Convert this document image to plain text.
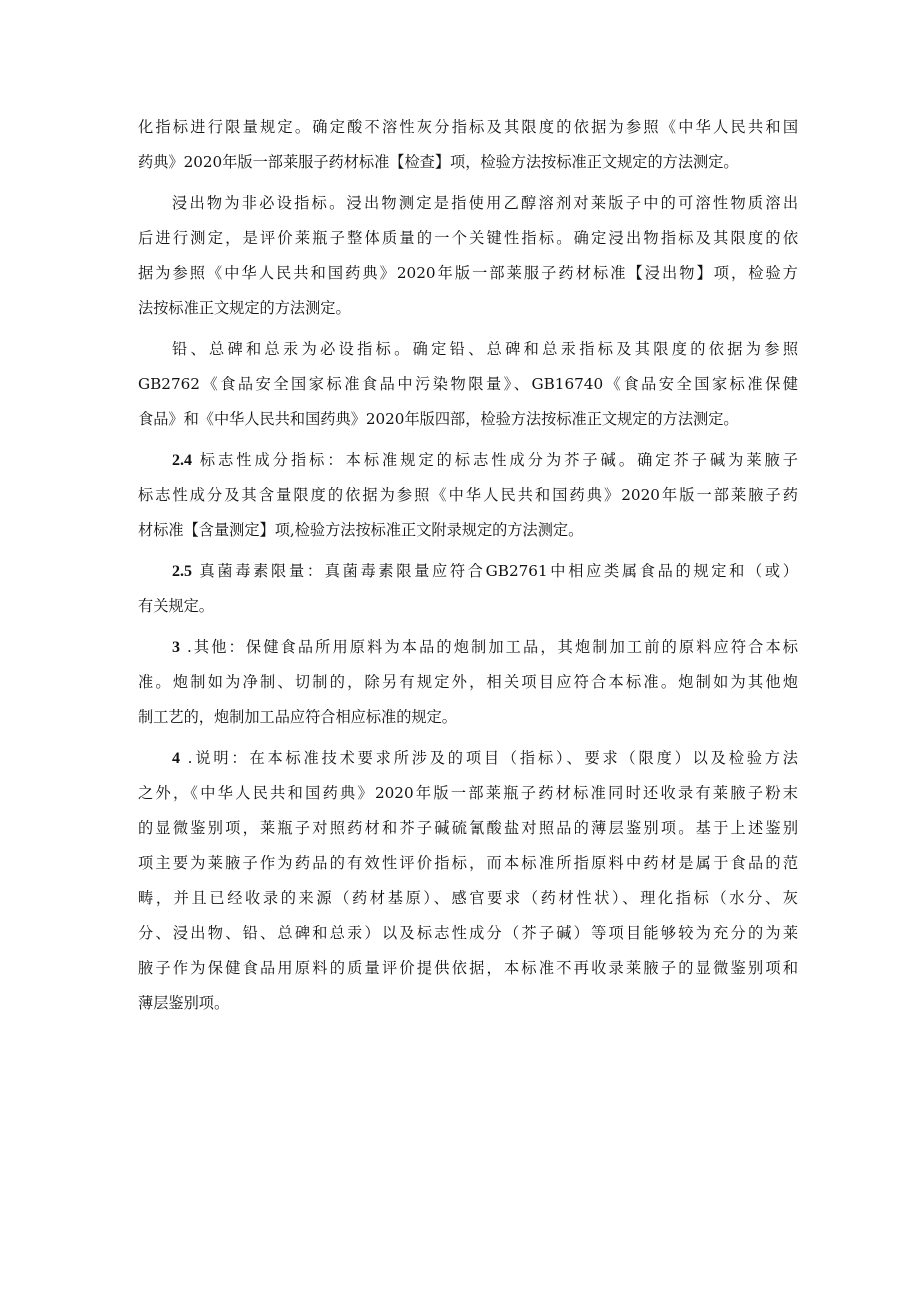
化指标进行限量规定。确定酸不溶性灰分指标及其限度的依据为参照《中华人民共和国
药典》2020年版一部莱服子药材标准【检查】项，检验方法按标准正文规定的方法测定。
浸出物为非必设指标。浸出物测定是指使用乙醇溶剂对莱版子中的可溶性物质溶出
后进行测定，是评价莱瓶子整体质量的一个关键性指标。确定浸出物指标及其限度的依
据为参照《中华人民共和国药典》2020年版一部莱服子药材标准【浸出物】项，检验方
法按标准正文规定的方法测定。
铅、总碑和总汞为必设指标。确定铅、总碑和总汞指标及其限度的依据为参照
GB2762《食品安全国家标准食品中污染物限量》、GB16740《食品安全国家标准保健
食品》和《中华人民共和国药典》2020年版四部，检验方法按标准正文规定的方法测定。
2.4 标志性成分指标：本标准规定的标志性成分为芥子碱。确定芥子碱为莱腋子
标志性成分及其含量限度的依据为参照《中华人民共和国药典》2020年版一部莱腋子药
材标准【含量测定】项,检验方法按标准正文附录规定的方法测定。
2.5 真菌毒素限量：真菌毒素限量应符合GB2761中相应类属食品的规定和（或）
有关规定。
3 .其他：保健食品所用原料为本品的炮制加工品，其炮制加工前的原料应符合本标
准。炮制如为净制、切制的，除另有规定外，相关项目应符合本标准。炮制如为其他炮
制工艺的，炮制加工品应符合相应标准的规定。
4 .说明：在本标准技术要求所涉及的项目（指标）、要求（限度）以及检验方法
之外，《中华人民共和国药典》2020年版一部莱瓶子药材标准同时还收录有莱腋子粉末
的显微鉴别项，莱瓶子对照药材和芥子碱硫氰酸盐对照品的薄层鉴别项。基于上述鉴别
项主要为莱腋子作为药品的有效性评价指标，而本标准所指原料中药材是属于食品的范
畴，并且已经收录的来源（药材基原）、感官要求（药材性状）、理化指标（水分、灰
分、浸出物、铅、总碑和总汞）以及标志性成分（芥子碱）等项目能够较为充分的为莱
腋子作为保健食品用原料的质量评价提供依据，本标准不再收录莱腋子的显微鉴别项和
薄层鉴别项。
